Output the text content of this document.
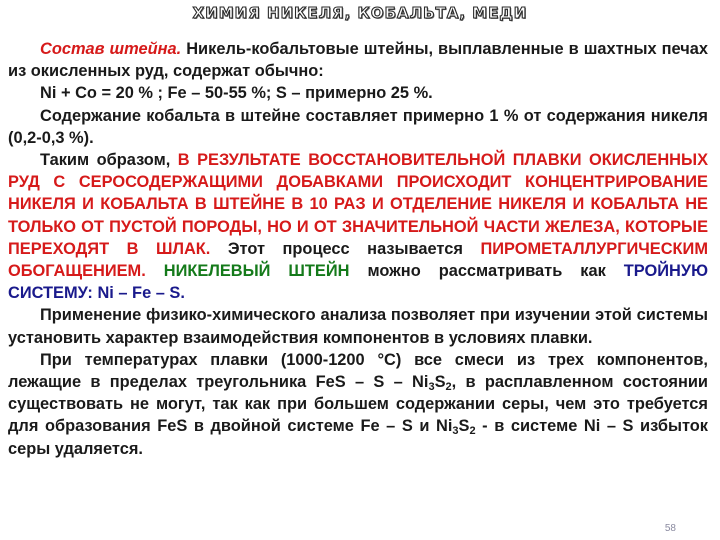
ХИМИЯ НИКЕЛЯ, КОБАЛЬТА, МЕДИ

Состав штейна. Никель-кобальтовые штейны, выплавленные в шахтных печах из окисленных руд, содержат обычно:

Ni + Co = 20 % ; Fe – 50-55 %; S – примерно 25 %.

Содержание кобальта в штейне составляет примерно 1 % от содержания никеля (0,2-0,3 %).

Таким образом, В РЕЗУЛЬТАТЕ ВОССТАНОВИТЕЛЬНОЙ ПЛАВКИ ОКИСЛЕННЫХ РУД С СЕРОСОДЕРЖАЩИМИ ДОБАВКАМИ ПРОИСХОДИТ КОНЦЕНТРИРОВАНИЕ НИКЕЛЯ И КОБАЛЬТА В ШТЕЙНЕ В 10 РАЗ И ОТДЕЛЕНИЕ НИКЕЛЯ И КОБАЛЬТА НЕ ТОЛЬКО ОТ ПУСТОЙ ПОРОДЫ, НО И ОТ ЗНАЧИТЕЛЬНОЙ ЧАСТИ ЖЕЛЕЗА, КОТОРЫЕ ПЕРЕХОДЯТ В ШЛАК. Этот процесс называется ПИРОМЕТАЛЛУРГИЧЕСКИМ ОБОГАЩЕНИЕМ. НИКЕЛЕВЫЙ ШТЕЙН можно рассматривать как ТРОЙНУЮ СИСТЕМУ: Ni – Fe – S.

Применение физико-химического анализа позволяет при изучении этой системы установить характер взаимодействия компонентов в условиях плавки.

При температурах плавки (1000-1200 °С) все смеси из трех компонентов, лежащие в пределах треугольника FeS – S – $Ni_3S_2$, в расплавленном состоянии существовать не могут, так как при большем содержании серы, чем это требуется для образования FeS в двойной системе Fe – S и $Ni_3S_2$ - в системе Ni – S избыток серы удаляется.

58
